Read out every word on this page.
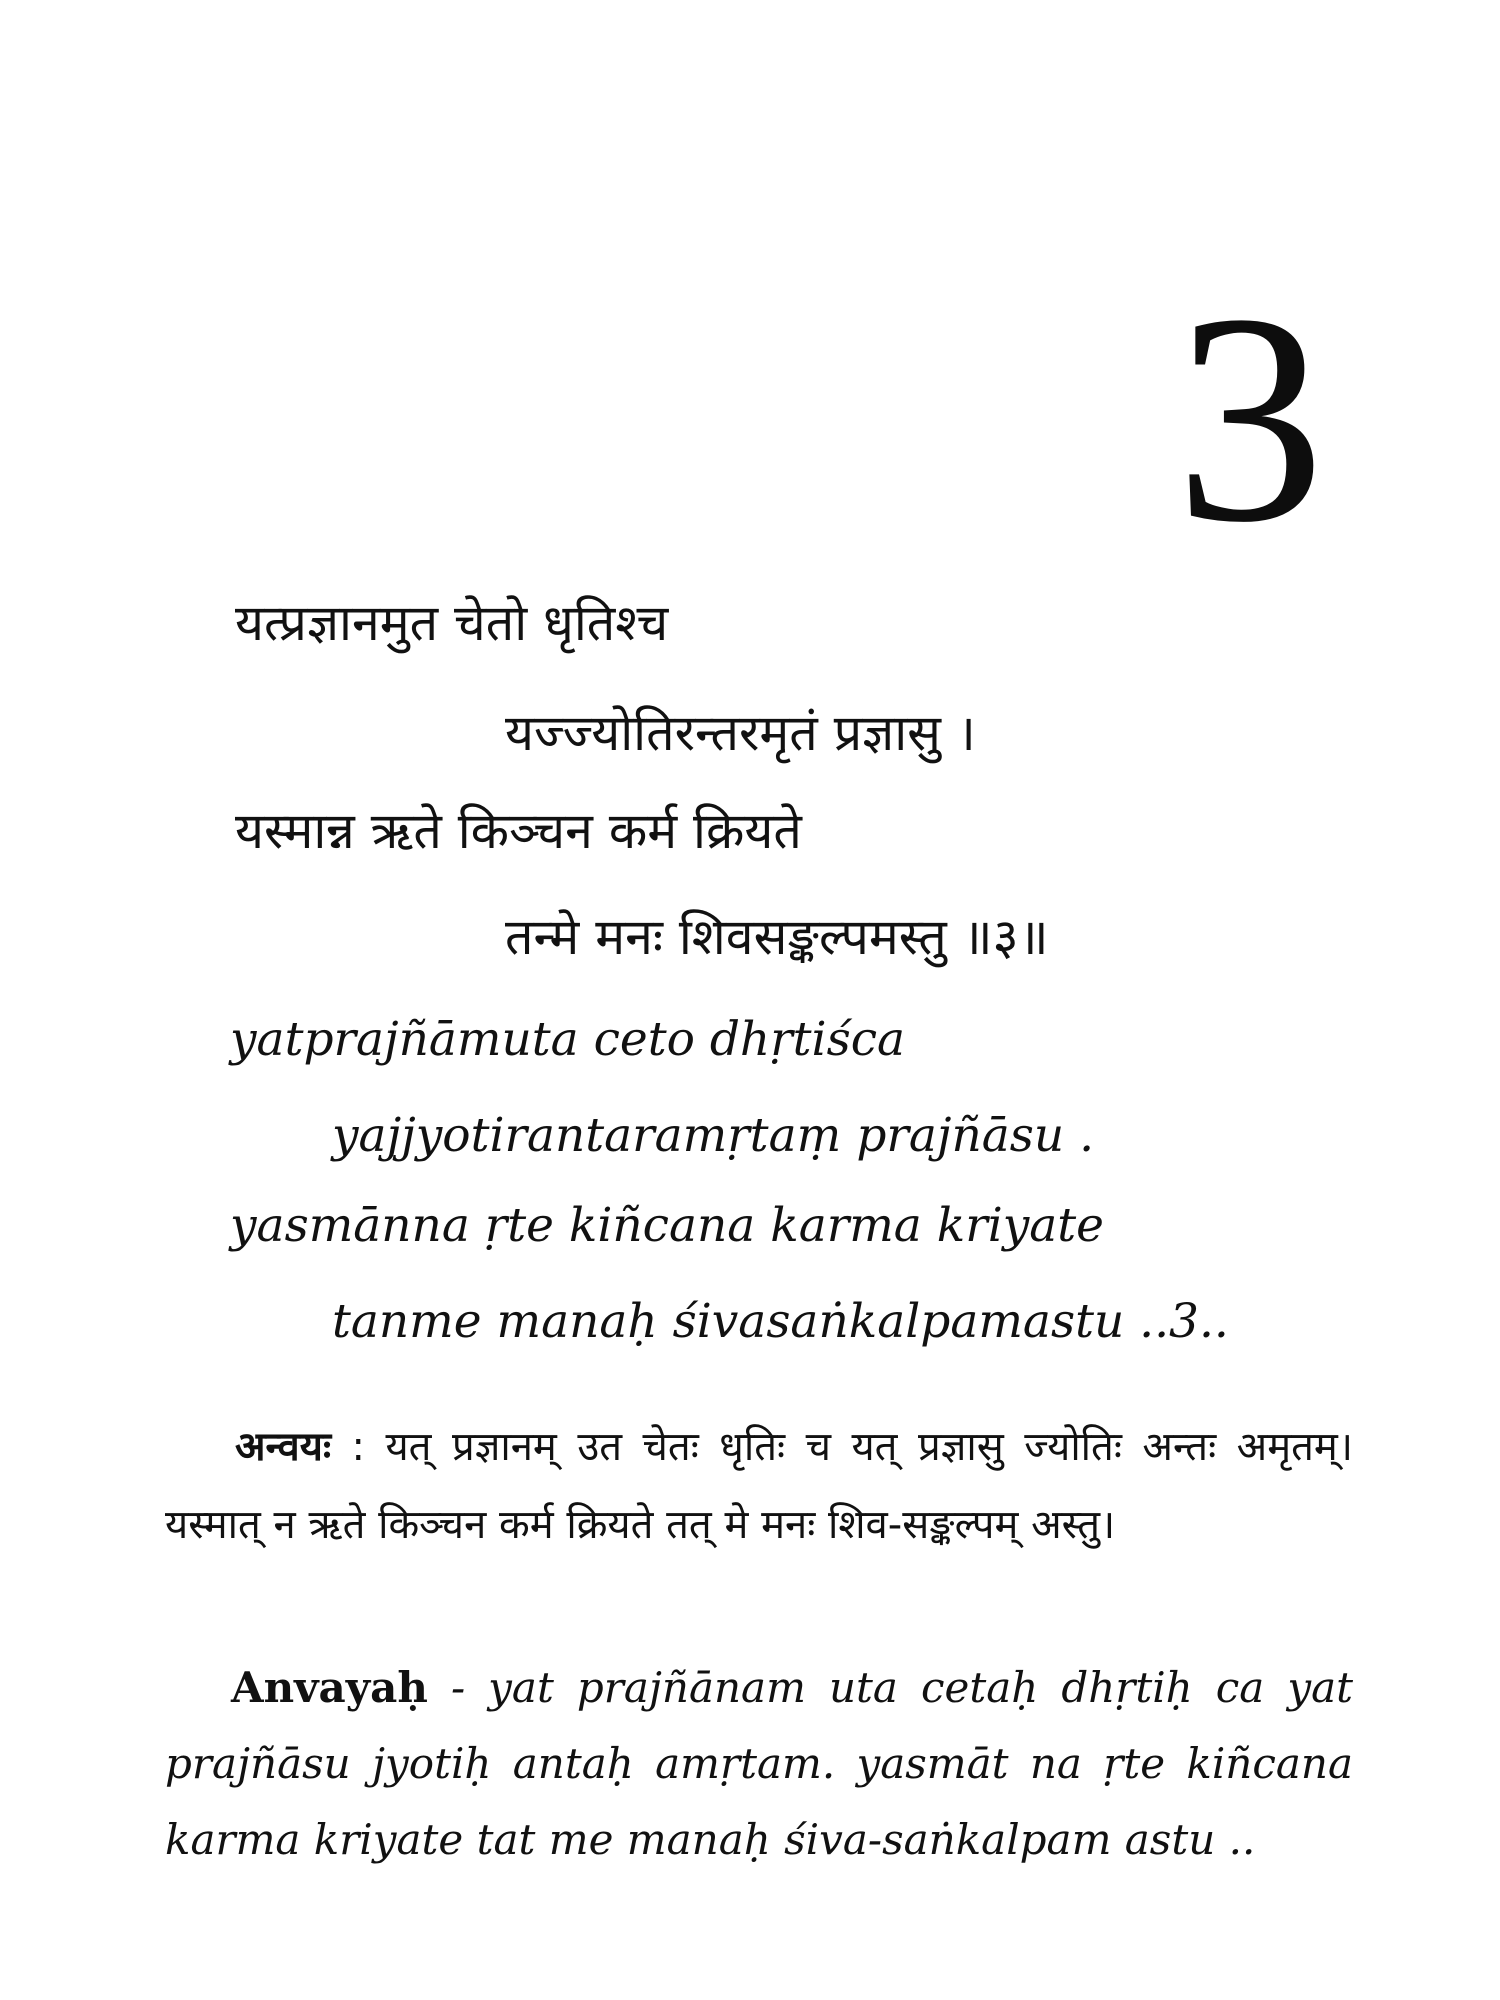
3
यत्प्रज्ञानमुत चेतो धृतिश्च
यज्ज्योतिरन्तरमृतं प्रज्ञासु ।
यस्मान्न ऋते किञ्चन कर्म क्रियते
तन्मे मनः शिवसङ्कल्पमस्तु ॥३॥
yatprajñāmuta ceto dhṛtiśca
yajjyotirantaramṛtaṃ prajñāsu .
yasmānna ṛte kiñcana karma kriyate
tanme manaḥ śivasaṅkalpamastu ..3..
अन्वयः : यत् प्रज्ञानम् उत चेतः धृतिः च यत् प्रज्ञासु ज्योतिः अन्तः अमृतम्। यस्मात् न ऋते किञ्चन कर्म क्रियते तत् मे मनः शिव-सङ्कल्पम् अस्तु।
Anvayaḥ - yat prajñānam uta cetaḥ dhṛtiḥ ca yat prajñāsu jyotiḥ antaḥ amṛtam. yasmāt na ṛte kiñcana karma kriyate tat me manaḥ śiva-saṅkalpam astu ..
